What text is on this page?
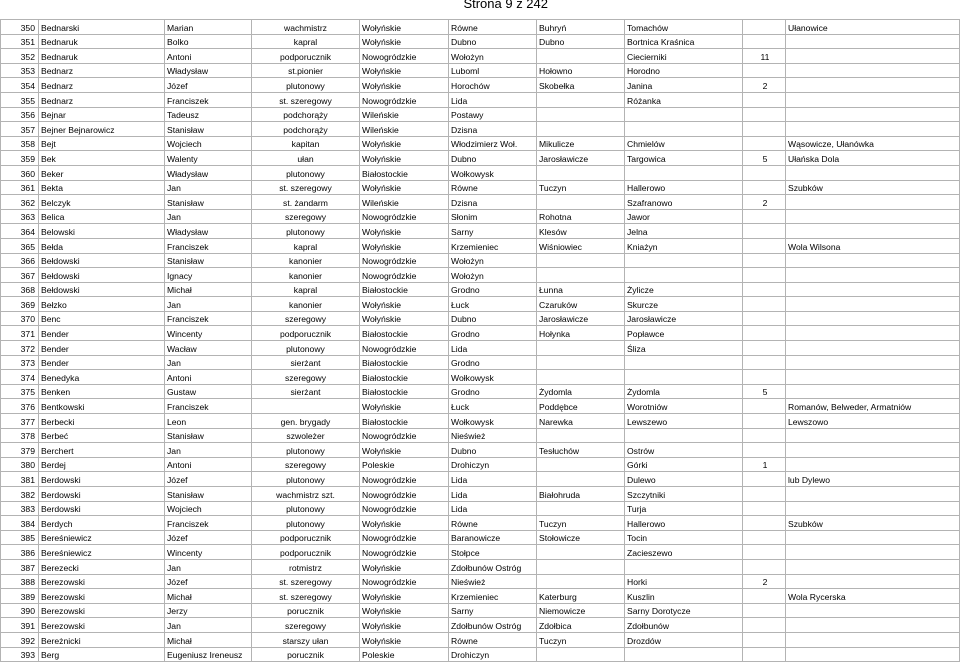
Strona 9 z 242
350	Bednarski	Marian	wachmistrz	Wołyńskie	Równe	Buhryń	Tomachów		Ułanowice
351	Bednaruk	Bolko	kapral	Wołyńskie	Dubno	Dubno	Bortnica Kraśnica		
352	Bednaruk	Antoni	podporucznik	Nowogródzkie	Wołożyn		Ciecierniki	11	
353	Bednarz	Władysław	st.pionier	Wołyńskie	Luboml	Hołowno	Horodno		
354	Bednarz	Józef	plutonowy	Wołyńskie	Horochów	Skobełka	Janina	2	
355	Bednarz	Franciszek	st. szeregowy	Nowogródzkie	Lida		Różanka		
356	Bejnar	Tadeusz	podchorąży	Wileńskie	Postawy				
357	Bejner Bejnarowicz	Stanisław	podchorąży	Wileńskie	Dzisna				
358	Bejt	Wojciech	kapitan	Wołyńskie	Włodzimierz Woł.	Mikulicze	Chmielów		Wąsowicze, Ułanówka
359	Bek	Walenty	ułan	Wołyńskie	Dubno	Jarosławicze	Targowica	5	Ułańska Dola
360	Beker	Władysław	plutonowy	Białostockie	Wołkowysk				
361	Bekta	Jan	st. szeregowy	Wołyńskie	Równe	Tuczyn	Hallerowo		Szubków
362	Belczyk	Stanisław	st. żandarm	Wileńskie	Dzisna		Szafranowo	2	
363	Belica	Jan	szeregowy	Nowogródzkie	Słonim	Rohotna	Jawor		
364	Belowski	Władysław	plutonowy	Wołyńskie	Sarny	Klesów	Jelna		
365	Bełda	Franciszek	kapral	Wołyńskie	Krzemieniec	Wiśniowiec	Kniażyn		Wola Wilsona
366	Bełdowski	Stanisław	kanonier	Nowogródzkie	Wołożyn				
367	Bełdowski	Ignacy	kanonier	Nowogródzkie	Wołożyn				
368	Bełdowski	Michał	kapral	Białostockie	Grodno	Łunna	Żylicze		
369	Bełzko	Jan	kanonier	Wołyńskie	Łuck	Czaruków	Skurcze		
370	Benc	Franciszek	szeregowy	Wołyńskie	Dubno	Jarosławicze	Jarosławicze		
371	Bender	Wincenty	podporucznik	Białostockie	Grodno	Hołynka	Popławce		
372	Bender	Wacław	plutonowy	Nowogródzkie	Lida		Śliza		
373	Bender	Jan	sierżant	Białostockie	Grodno				
374	Benedyka	Antoni	szeregowy	Białostockie	Wołkowysk				
375	Benken	Gustaw	sierżant	Białostockie	Grodno	Żydomla	Żydomla	5	
376	Bentkowski	Franciszek		Wołyńskie	Łuck	Poddębce	Worotniów		Romanów, Belweder, Armatniów
377	Berbecki	Leon	gen. brygady	Białostockie	Wołkowysk	Narewka	Lewszewo		Lewszowo
378	Berbeć	Stanisław	szwoleżer	Nowogródzkie	Nieśwież				
379	Berchert	Jan	plutonowy	Wołyńskie	Dubno	Tesłuchów	Ostrów		
380	Berdej	Antoni	szeregowy	Poleskie	Drohiczyn		Górki	1	
381	Berdowski	Józef	plutonowy	Nowogródzkie	Lida		Dulewo		lub Dylewo
382	Berdowski	Stanisław	wachmistrz szt.	Nowogródzkie	Lida	Białohruda	Szczytniki		
383	Berdowski	Wojciech	plutonowy	Nowogródzkie	Lida		Turja		
384	Berdych	Franciszek	plutonowy	Wołyńskie	Równe	Tuczyn	Hallerowo		Szubków
385	Bereśniewicz	Józef	podporucznik	Nowogródzkie	Baranowicze	Stołowicze	Tocin		
386	Bereśniewicz	Wincenty	podporucznik	Nowogródzkie	Stołpce		Zacieszewo		
387	Berezecki	Jan	rotmistrz	Wołyńskie	Zdołbunów Ostróg				
388	Berezowski	Józef	st. szeregowy	Nowogródzkie	Nieśwież		Horki	2	
389	Berezowski	Michał	st. szeregowy	Wołyńskie	Krzemieniec	Katerburg	Kuszlin		Wola Rycerska
390	Berezowski	Jerzy	porucznik	Wołyńskie	Sarny	Niemowicze	Sarny Dorotycze		
391	Berezowski	Jan	szeregowy	Wołyńskie	Zdołbunów Ostróg	Zdołbica	Zdołbunów		
392	Bereżnicki	Michał	starszy ułan	Wołyńskie	Równe	Tuczyn	Drozdów		
393	Berg	Eugeniusz Ireneusz	porucznik	Poleskie	Drohiczyn				
